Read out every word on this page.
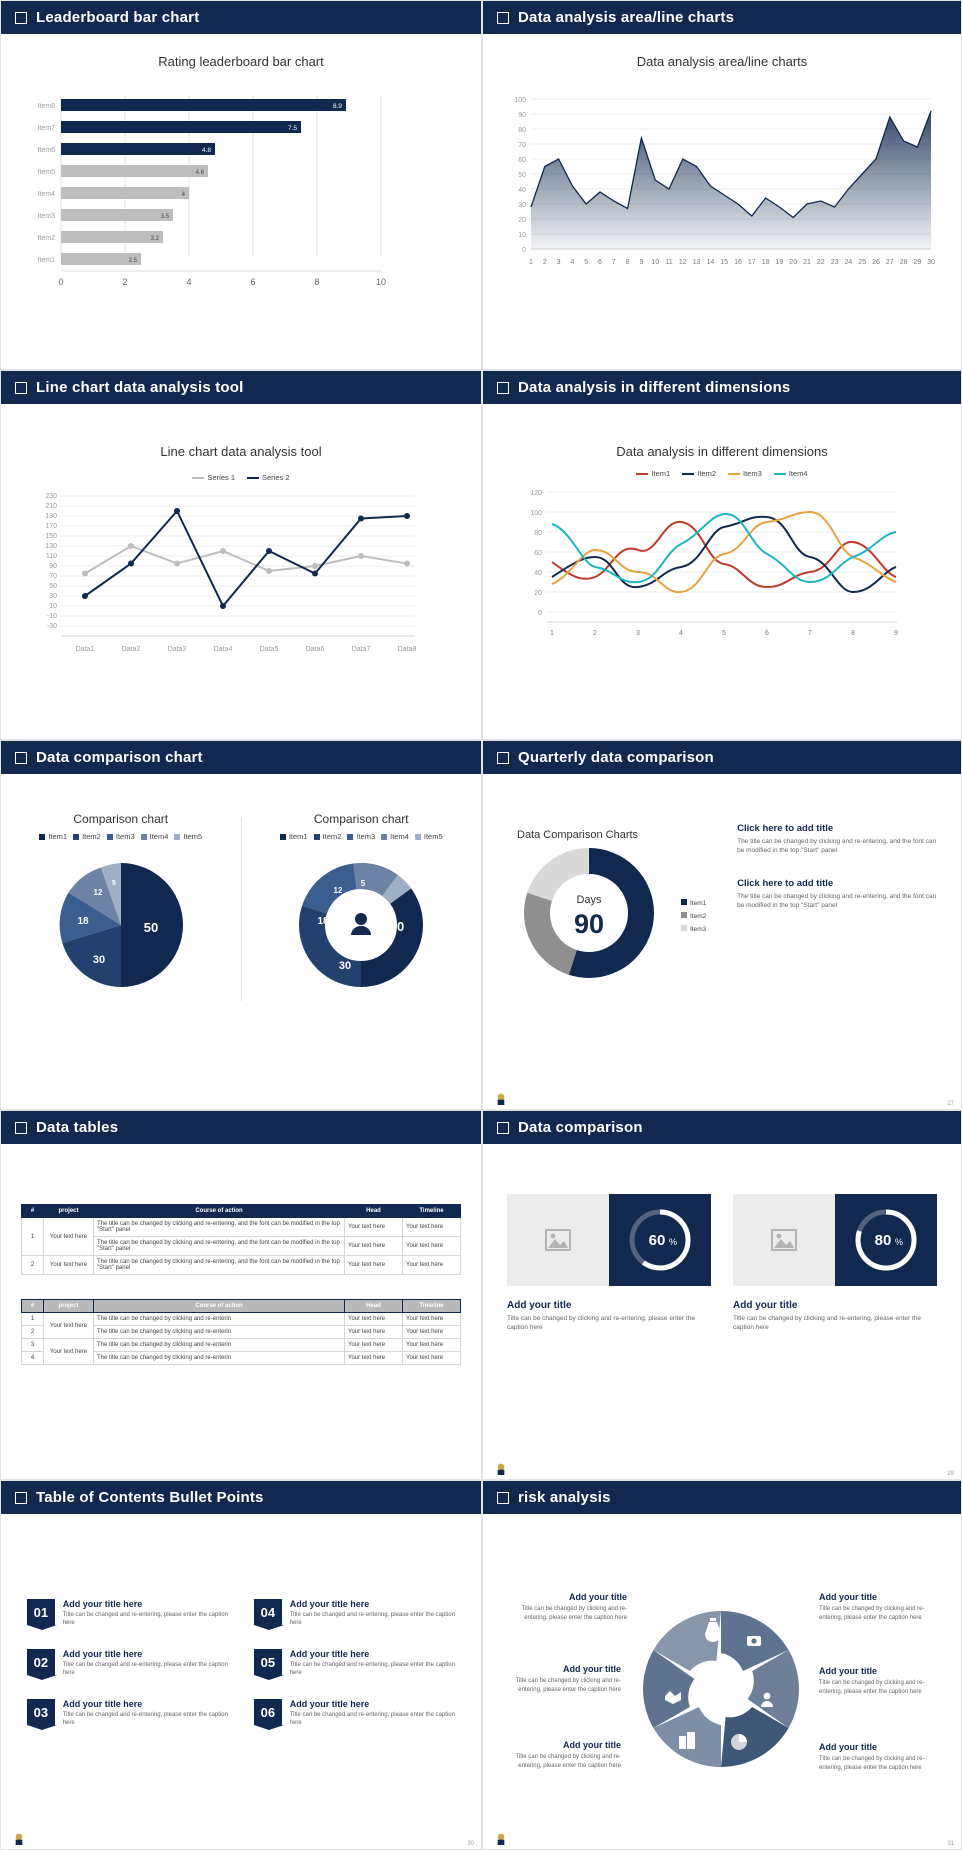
Leaderboard bar chart
Rating leaderboard bar chart
8.9
7.5
4.8
4.6
4
3.5
3.2
2.5
Item8
Item7
Item6
Item5
Item4
Item3
Item2
Item1
0	2	4	6	8	10
Data analysis area/line charts
Data analysis area/line charts
100
90
80
70
60
50
40
30
20
10
0
1 2 3 4 5 6 7 8 9 10 11 12 13 14 15 16 17 18 19 20 21 22 23 24 25 26 27 28 29 30
Line chart data analysis tool
Line chart data analysis tool
Series 1	Series 2
230
210
190
170
150
130
110
90
70
50
30
10
-10
-30
Data1	Data2	Data3	Data4	Data5	Data6	Data7	Data8
Data analysis in different dimensions
Data analysis in different dimensions
Item1	Item2	Item3	Item4
120
100
80
60
40
20
0
1	2	3	4	5	6	7	8	9
Data comparison chart
Comparison chart
Item1 Item2 Item3 Item4 Item5
50
30
18
12
5
Comparison chart
Item1 Item2 Item3 Item4 Item5
50
30
18
12
5
Quarterly data comparison
Data Comparison Charts
Days
90
Item1
Item2
Item3
Click here to add title
The title can be changed by clicking and re-entering, and the font can be modified in the top "Start" panel
Click here to add title
The title can be changed by clicking and re-entering, and the font can be modified in the top "Start" panel
27
Data tables
#	project	Course of action	Head	Timeline
1	Your text here	The title can be changed by clicking and re-entering, and the font can be modified in the top "Start" panel	Your text here	Your text here
		The title can be changed by clicking and re-entering, and the font can be modified in the top "Start" panel	Your text here	Your text here
2	Your text here	The title can be changed by clicking and re-entering, and the font can be modified in the top "Start" panel	Your text here	Your text here
#	project	Course of action	Head	Timeline
1	Your text here	The title can be changed by clicking and re-enterin	Your text here	Your text here
2		The title can be changed by clicking and re-enterin	Your text here	Your text here
3	Your text here	The title can be changed by clicking and re-enterin	Your text here	Your text here
4		The title can be changed by clicking and re-enterin	Your text here	Your text here
Data comparison
60 %
Add your title
Title can be changed by clicking and re-entering, please enter the caption here
80 %
Add your title
Title can be changed by clicking and re-entering, please enter the caption here
29
Table of Contents Bullet Points
01
Add your title here
Title can be changed and re-entering, please enter the caption here
04
Add your title here
Title can be changed and re-entering, please enter the caption here
02
Add your title here
Title can be changed and re-entering, please enter the caption here
05
Add your title here
Title can be changed and re-entering, please enter the caption here
03
Add your title here
Title can be changed and re-entering, please enter the caption here
06
Add your title here
Title can be changed and re-entering, please enter the caption here
30
risk analysis
Add your title
Title can be changed by clicking and re-entering, please enter the caption here
Add your title
Title can be changed by clicking and re-entering, please enter the caption here
Add your title
Title can be changed by clicking and re-entering, please enter the caption here
Add your title
Title can be changed by clicking and re-entering, please enter the caption here
Add your title
Title can be changed by clicking and re-entering, please enter the caption here
Add your title
Title can be changed by clicking and re-entering, please enter the caption here
31
